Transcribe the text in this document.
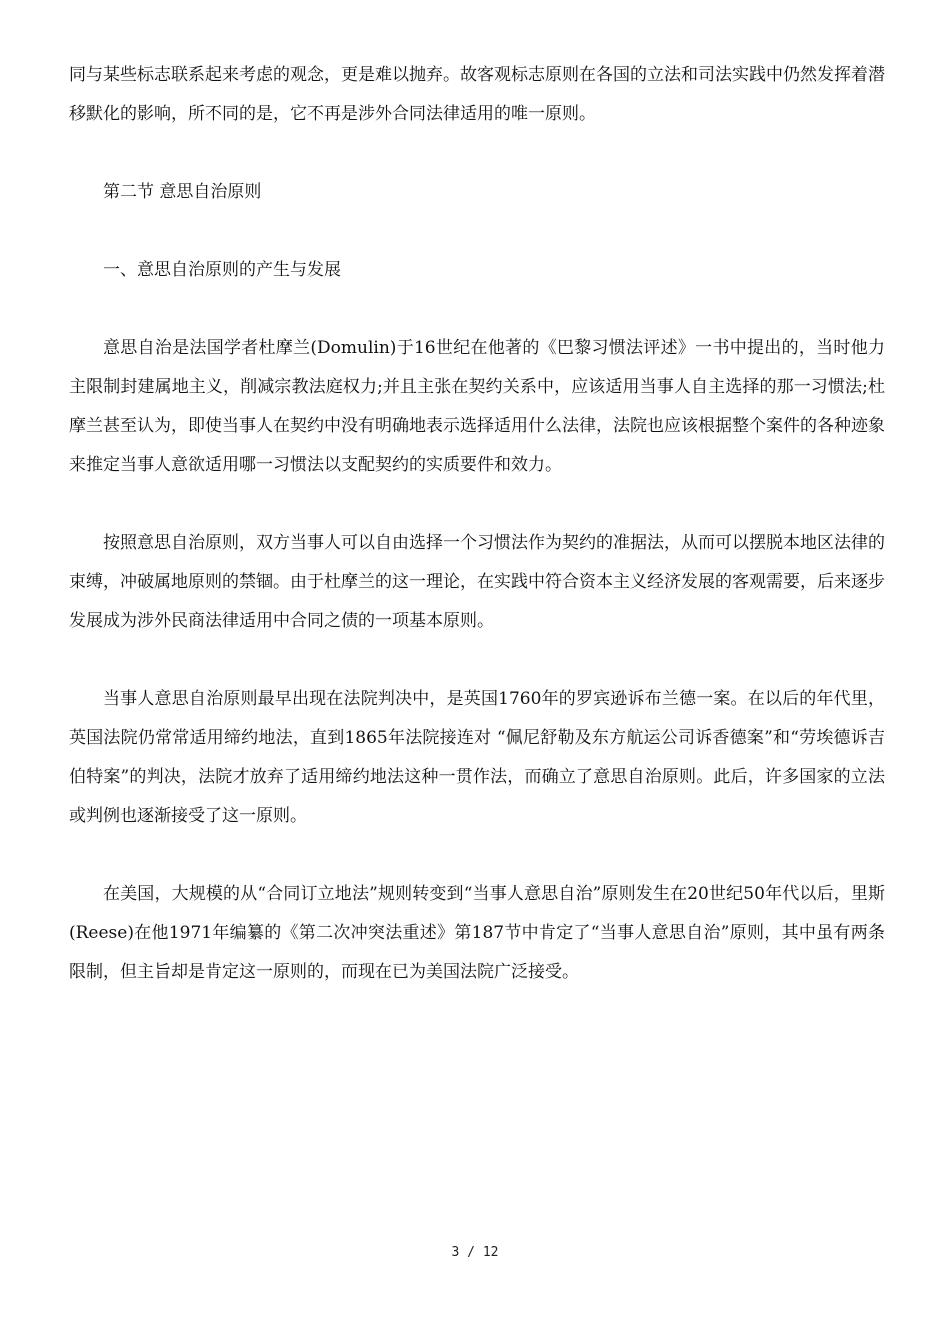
同与某些标志联系起来考虑的观念，更是难以抛弃。故客观标志原则在各国的立法和司法实践中仍然发挥着潜移默化的影响，所不同的是，它不再是涉外合同法律适用的唯一原则。

第二节 意思自治原则

一、意思自治原则的产生与发展

意思自治是法国学者杜摩兰(Domulin)于16世纪在他著的《巴黎习惯法评述》一书中提出的，当时他力主限制封建属地主义，削减宗教法庭权力;并且主张在契约关系中，应该适用当事人自主选择的那一习惯法;杜摩兰甚至认为，即使当事人在契约中没有明确地表示选择适用什么法律，法院也应该根据整个案件的各种迹象来推定当事人意欲适用哪一习惯法以支配契约的实质要件和效力。

按照意思自治原则，双方当事人可以自由选择一个习惯法作为契约的准据法，从而可以摆脱本地区法律的束缚，冲破属地原则的禁锢。由于杜摩兰的这一理论，在实践中符合资本主义经济发展的客观需要，后来逐步发展成为涉外民商法律适用中合同之债的一项基本原则。

当事人意思自治原则最早出现在法院判决中，是英国1760年的罗宾逊诉布兰德一案。在以后的年代里，英国法院仍常常适用缔约地法，直到1865年法院接连对 “佩尼舒勒及东方航运公司诉香德案”和“劳埃德诉吉伯特案”的判决，法院才放弃了适用缔约地法这种一贯作法，而确立了意思自治原则。此后，许多国家的立法或判例也逐渐接受了这一原则。

在美国，大规模的从“合同订立地法”规则转变到“当事人意思自治”原则发生在20世纪50年代以后，里斯(Reese)在他1971年编纂的《第二次冲突法重述》第187节中肯定了“当事人意思自治”原则，其中虽有两条限制，但主旨却是肯定这一原则的，而现在已为美国法院广泛接受。

3 / 12
